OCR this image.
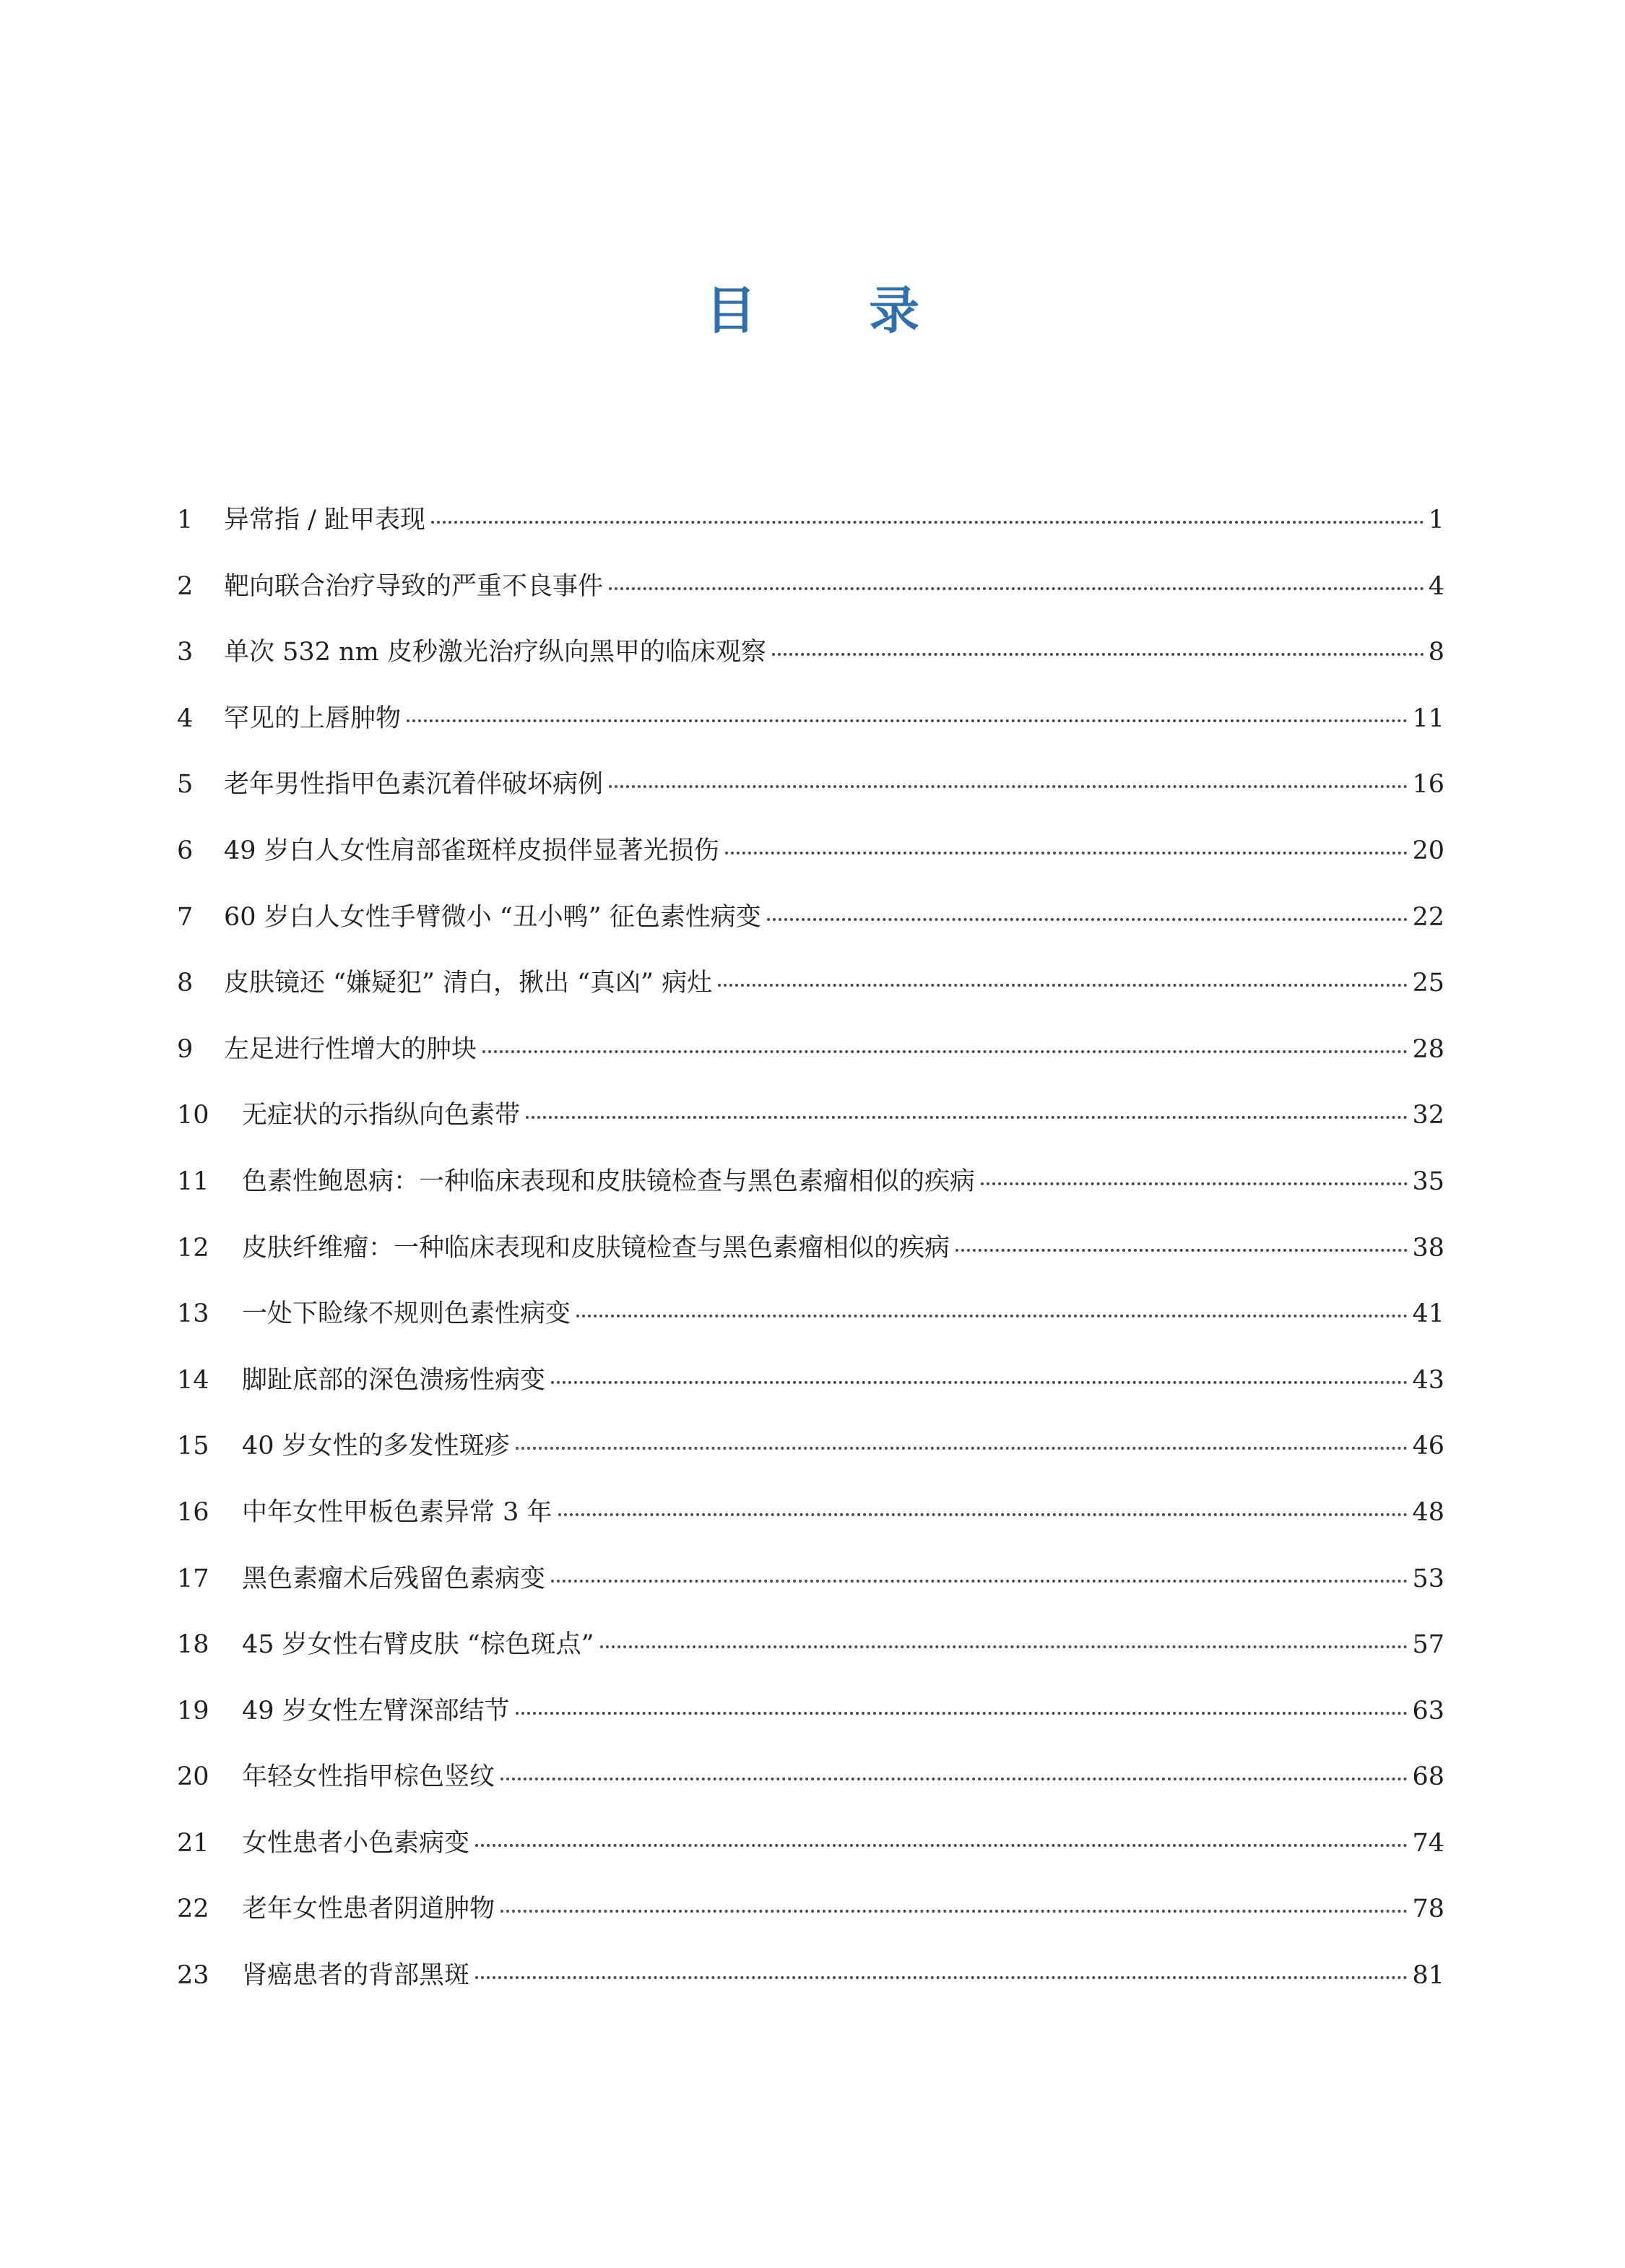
目 录
1	异常指 / 趾甲表现	1
2	靶向联合治疗导致的严重不良事件	4
3	单次 532 nm 皮秒激光治疗纵向黑甲的临床观察	8
4	罕见的上唇肿物	11
5	老年男性指甲色素沉着伴破坏病例	16
6	49 岁白人女性肩部雀斑样皮损伴显著光损伤	20
7	60 岁白人女性手臂微小 “丑小鸭” 征色素性病变	22
8	皮肤镜还 “嫌疑犯” 清白，揪出 “真凶” 病灶	25
9	左足进行性增大的肿块	28
10	无症状的示指纵向色素带	32
11	色素性鲍恩病：一种临床表现和皮肤镜检查与黑色素瘤相似的疾病	35
12	皮肤纤维瘤：一种临床表现和皮肤镜检查与黑色素瘤相似的疾病	38
13	一处下睑缘不规则色素性病变	41
14	脚趾底部的深色溃疡性病变	43
15	40 岁女性的多发性斑疹	46
16	中年女性甲板色素异常 3 年	48
17	黑色素瘤术后残留色素病变	53
18	45 岁女性右臂皮肤 “棕色斑点”	57
19	49 岁女性左臂深部结节	63
20	年轻女性指甲棕色竖纹	68
21	女性患者小色素病变	74
22	老年女性患者阴道肿物	78
23	肾癌患者的背部黑斑	81
